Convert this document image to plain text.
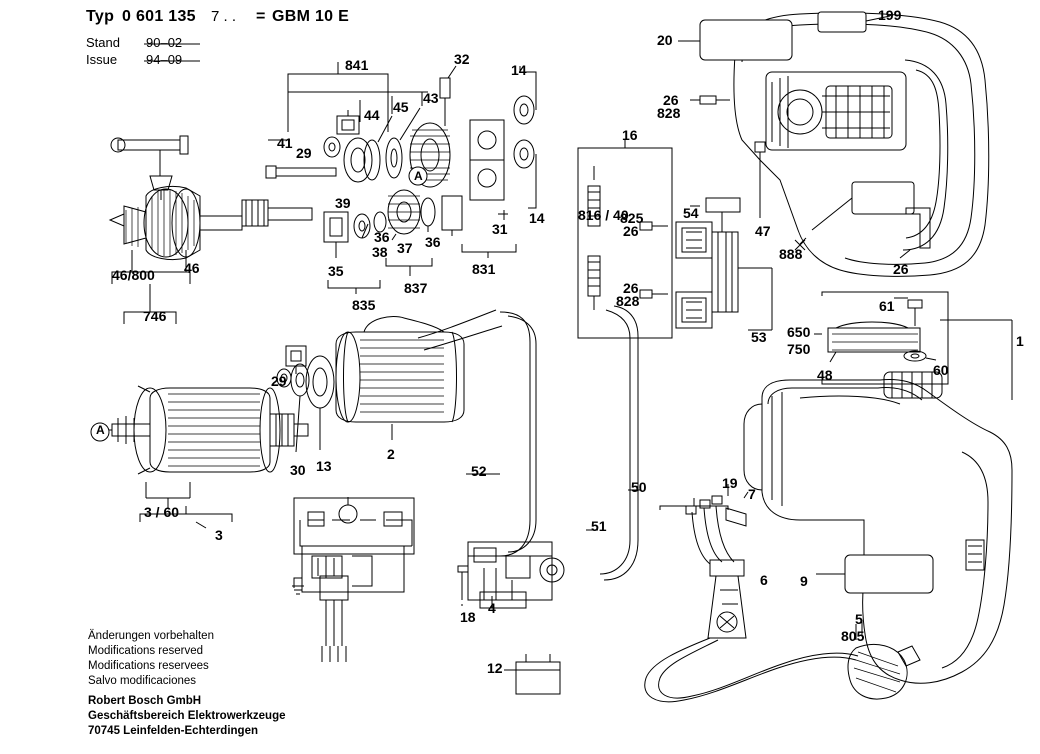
Typ 0 601 135 7 . . = GBM 10 E
Stand 90–02
Issue 94–09
Änderungen vorbehalten
Modifications reserved
Modifications reservees
Salvo modificaciones
Robert Bosch GmbH
Geschäftsbereich Elektrowerkzeuge
70745 Leinfelden-Echterdingen
199
20
841	32
14
26
828
44 45
43
41
29
16
816 / 40
825
26
54
39
14
31
36	36
38 37
47
888
26
35	831
26
828
46/800 46
837
835
746
61
650
750
53	1
60
48
29
2
A
30 13	52
50	19
7
3 / 60
3
51
6 9
18
4
5
805
12
A
